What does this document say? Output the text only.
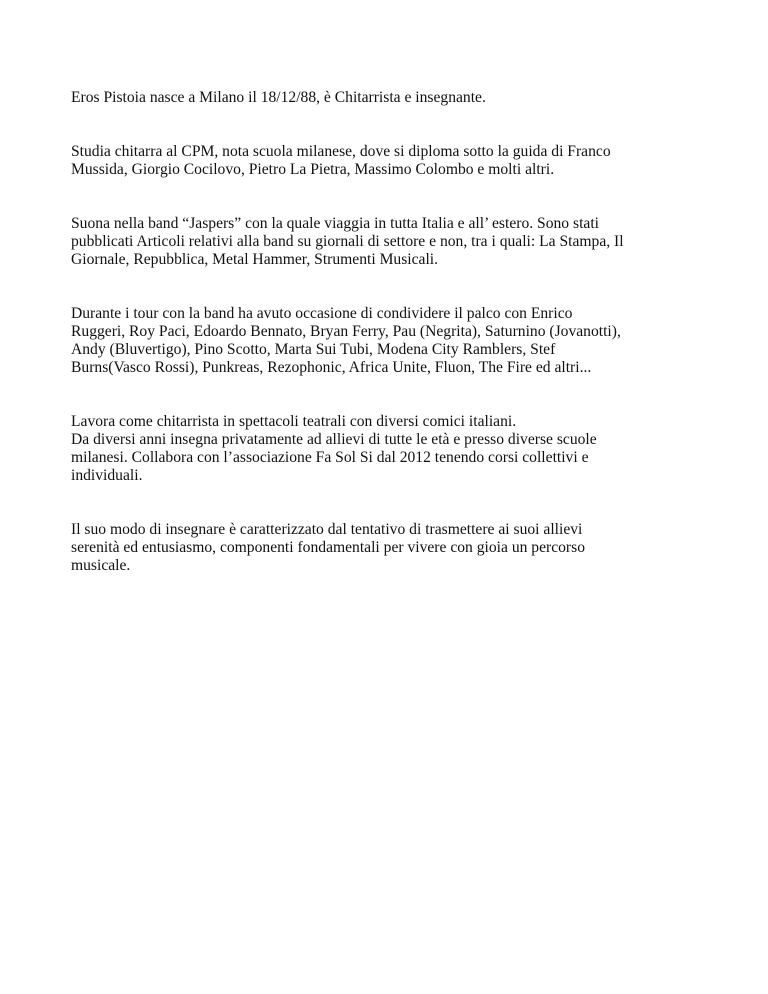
Eros Pistoia nasce a Milano il 18/12/88, è Chitarrista e insegnante.

Studia chitarra al CPM, nota scuola milanese, dove si diploma sotto la guida di Franco
Mussida, Giorgio Cocilovo, Pietro La Pietra, Massimo Colombo e molti altri.

Suona nella band “Jaspers” con la quale viaggia in tutta Italia e all’ estero. Sono stati
pubblicati Articoli relativi alla band su giornali di settore e non, tra i quali: La Stampa, Il
Giornale, Repubblica, Metal Hammer, Strumenti Musicali.

Durante i tour con la band ha avuto occasione di condividere il palco con Enrico
Ruggeri, Roy Paci, Edoardo Bennato, Bryan Ferry, Pau (Negrita), Saturnino (Jovanotti),
Andy (Bluvertigo), Pino Scotto, Marta Sui Tubi, Modena City Ramblers, Stef
Burns(Vasco Rossi), Punkreas, Rezophonic, Africa Unite, Fluon, The Fire ed altri...

Lavora come chitarrista in spettacoli teatrali con diversi comici italiani.
Da diversi anni insegna privatamente ad allievi di tutte le età e presso diverse scuole
milanesi. Collabora con l’associazione Fa Sol Si dal 2012 tenendo corsi collettivi e
individuali.

Il suo modo di insegnare è caratterizzato dal tentativo di trasmettere ai suoi allievi
serenità ed entusiasmo, componenti fondamentali per vivere con gioia un percorso
musicale.
